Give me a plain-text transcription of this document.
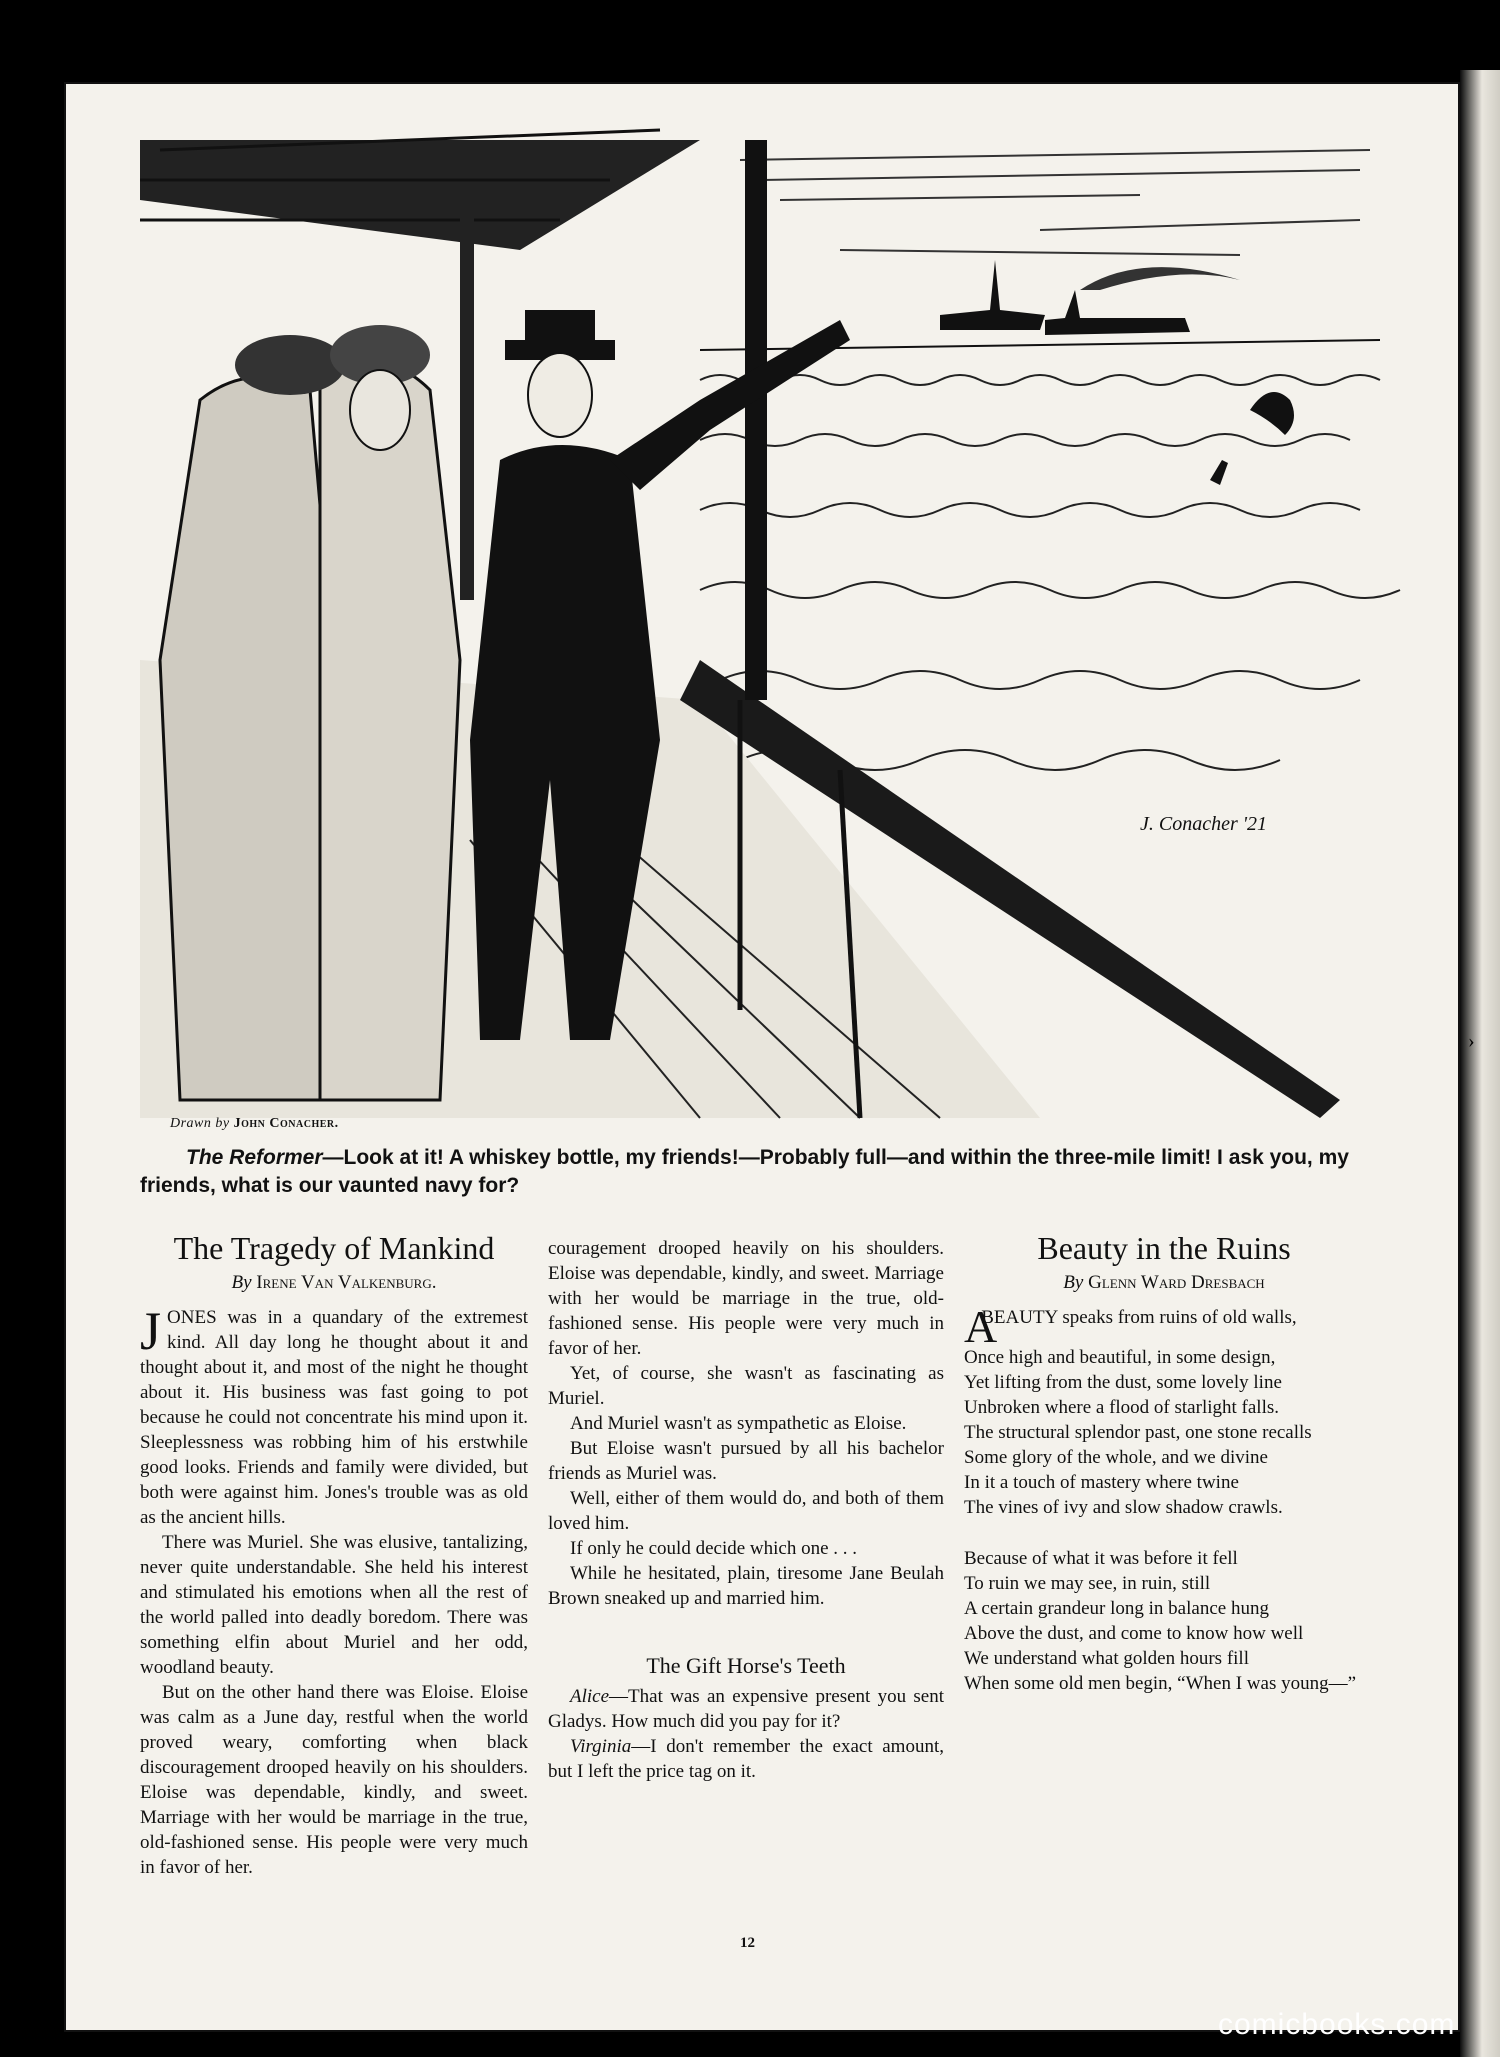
›
J. Conacher '21
Drawn by John Conacher.
The Reformer—Look at it! A whiskey bottle, my friends!—Probably full—and within the three-mile limit! I ask you, my friends, what is our vaunted navy for?
The Tragedy of Mankind
By Irene Van Valkenburg.

JONES was in a quandary of the extremest kind. All day long he thought about it and thought about it, and most of the night he thought about it. His business was fast going to pot because he could not concentrate his mind upon it. Sleeplessness was robbing him of his erstwhile good looks. Friends and family were divided, but both were against him. Jones's trouble was as old as the ancient hills.

There was Muriel. She was elusive, tantalizing, never quite understandable. She held his interest and stimulated his emotions when all the rest of the world palled into deadly boredom. There was something elfin about Muriel and her odd, woodland beauty.

But on the other hand there was Eloise. Eloise was calm as a June day, restful when the world proved weary, comforting when black discouragement drooped heavily on his shoulders. Eloise was dependable, kindly, and sweet. Marriage with her would be marriage in the true, old-fashioned sense. His people were very much in favor of her.

couragement drooped heavily on his shoulders. Eloise was dependable, kindly, and sweet. Marriage with her would be marriage in the true, old-fashioned sense. His people were very much in favor of her.

Yet, of course, she wasn't as fascinating as Muriel.

And Muriel wasn't as sympathetic as Eloise.

But Eloise wasn't pursued by all his bachelor friends as Muriel was.

Well, either of them would do, and both of them loved him.

If only he could decide which one . . .

While he hesitated, plain, tiresome Jane Beulah Brown sneaked up and married him.

The Gift Horse's Teeth

Alice—That was an expensive present you sent Gladys. How much did you pay for it?

Virginia—I don't remember the exact amount, but I left the price tag on it.

Beauty in the Ruins
By Glenn Ward Dresbach
A
BEAUTY speaks from ruins of old walls,
Once high and beautiful, in some design,
Yet lifting from the dust, some lovely line
Unbroken where a flood of starlight falls.
The structural splendor past, one stone recalls
Some glory of the whole, and we divine
In it a touch of mastery where twine
The vines of ivy and slow shadow crawls.
Because of what it was before it fell
To ruin we may see, in ruin, still
A certain grandeur long in balance hung
Above the dust, and come to know how well
We understand what golden hours fill
When some old men begin, “When I was young—”
12
comicbooks.com
